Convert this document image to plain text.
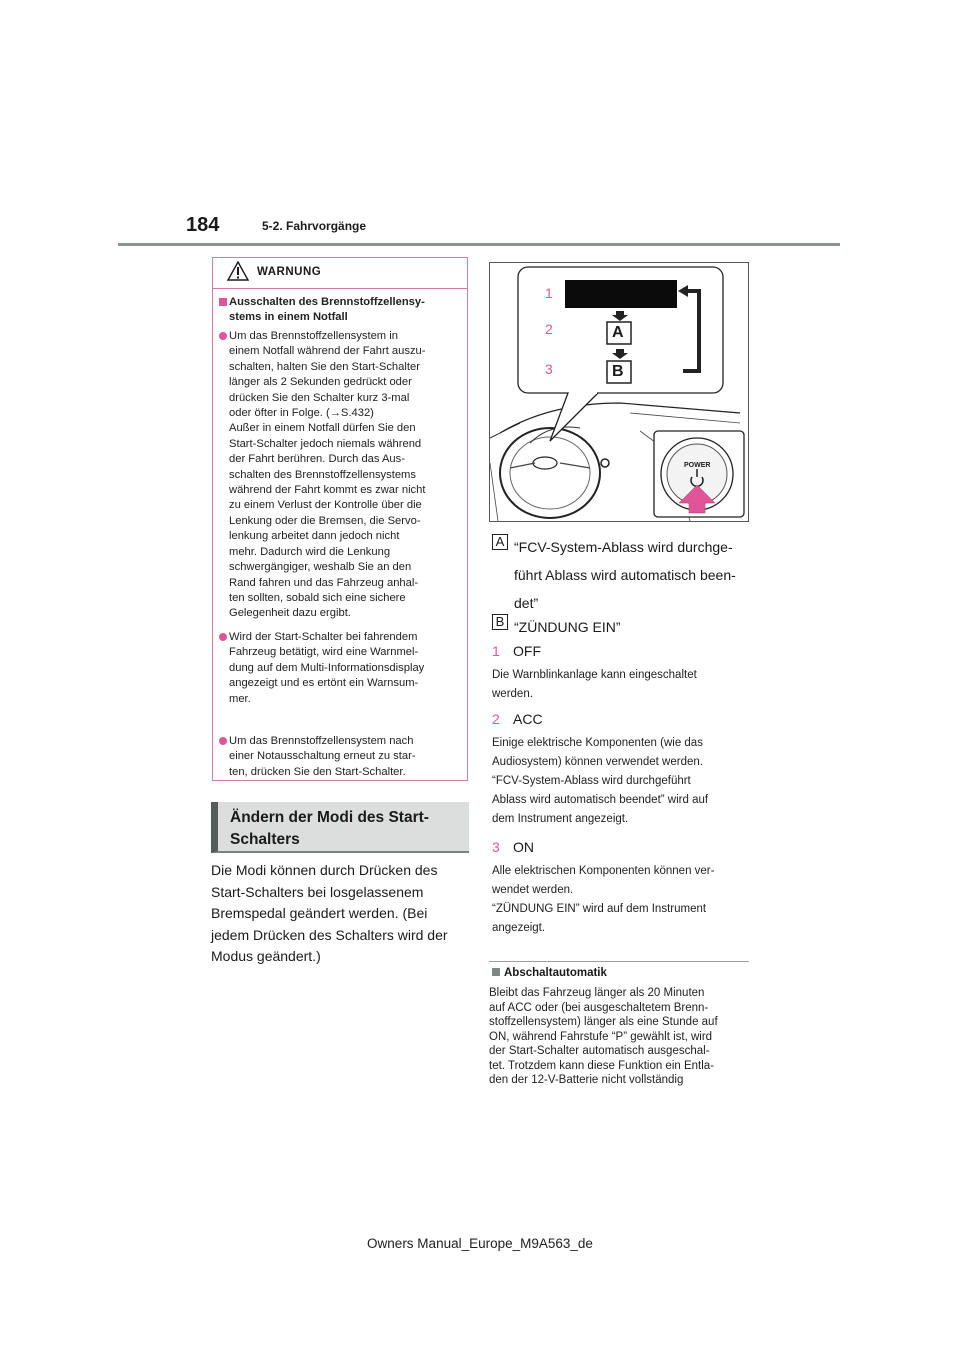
184	5-2. Fahrvorgänge
WARNUNG
Ausschalten des Brennstoffzellensy-
stems in einem Notfall
Um das Brennstoffzellensystem in
einem Notfall während der Fahrt auszu-
schalten, halten Sie den Start-Schalter
länger als 2 Sekunden gedrückt oder
drücken Sie den Schalter kurz 3-mal
oder öfter in Folge. (→S.432)
Außer in einem Notfall dürfen Sie den
Start-Schalter jedoch niemals während
der Fahrt berühren. Durch das Aus-
schalten des Brennstoffzellensystems
während der Fahrt kommt es zwar nicht
zu einem Verlust der Kontrolle über die
Lenkung oder die Bremsen, die Servo-
lenkung arbeitet dann jedoch nicht
mehr. Dadurch wird die Lenkung
schwergängiger, weshalb Sie an den
Rand fahren und das Fahrzeug anhal-
ten sollten, sobald sich eine sichere
Gelegenheit dazu ergibt.
Wird der Start-Schalter bei fahrendem
Fahrzeug betätigt, wird eine Warnmel-
dung auf dem Multi-Informationsdisplay
angezeigt und es ertönt ein Warnsum-
mer.
Um das Brennstoffzellensystem nach
einer Notausschaltung erneut zu star-
ten, drücken Sie den Start-Schalter.
Ändern der Modi des Start-
Schalters
Die Modi können durch Drücken des
Start-Schalters bei losgelassenem
Bremspedal geändert werden. (Bei
jedem Drücken des Schalters wird der
Modus geändert.)
1
2
3
A
B
POWER
A “FCV-System-Ablass wird durchge-
führt Ablass wird automatisch been-
det”
B “ZÜNDUNG EIN”
1 OFF
Die Warnblinkanlage kann eingeschaltet
werden.
2 ACC
Einige elektrische Komponenten (wie das
Audiosystem) können verwendet werden.
“FCV-System-Ablass wird durchgeführt
Ablass wird automatisch beendet” wird auf
dem Instrument angezeigt.
3 ON
Alle elektrischen Komponenten können ver-
wendet werden.
“ZÜNDUNG EIN” wird auf dem Instrument
angezeigt.
Abschaltautomatik
Bleibt das Fahrzeug länger als 20 Minuten
auf ACC oder (bei ausgeschaltetem Brenn-
stoffzellensystem) länger als eine Stunde auf
ON, während Fahrstufe “P” gewählt ist, wird
der Start-Schalter automatisch ausgeschal-
tet. Trotzdem kann diese Funktion ein Entla-
den der 12-V-Batterie nicht vollständig
Owners Manual_Europe_M9A563_de
